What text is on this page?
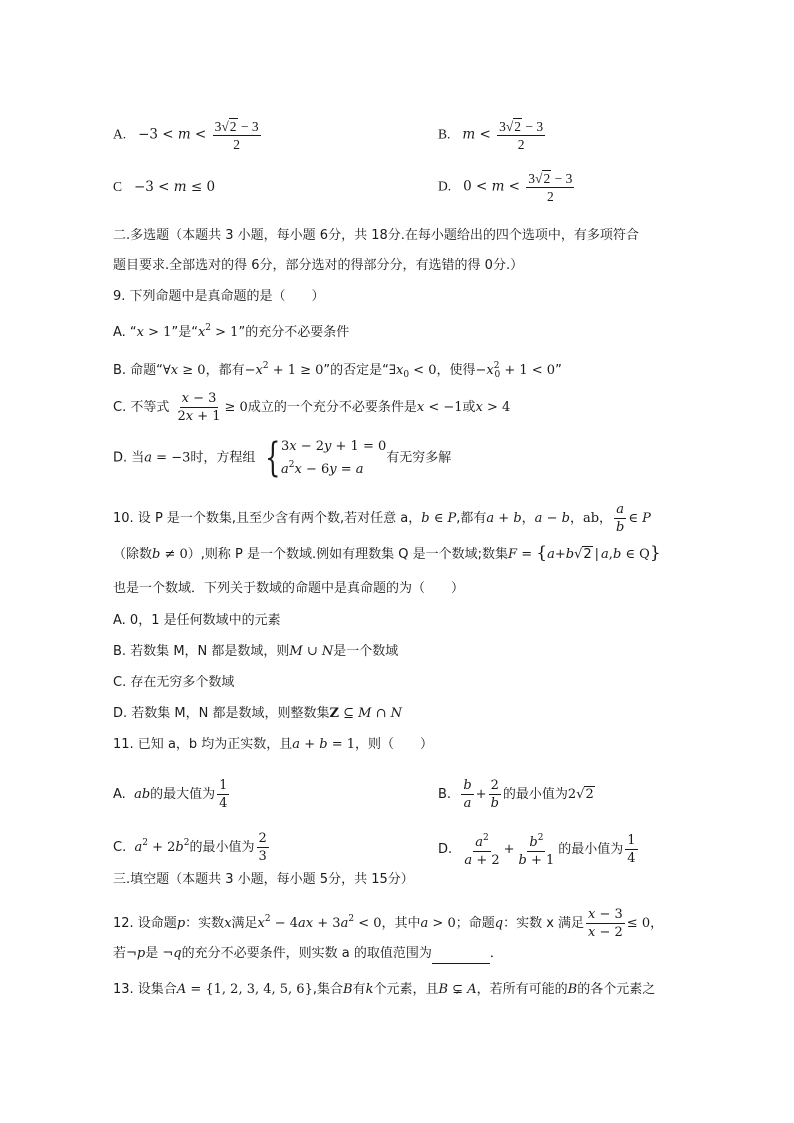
A.   $-3 < m < \frac{3√2 - 3}{2}$	B.   $m < \frac{3√2 - 3}{2}$
C   −3 < m ≤ 0	D.   $0 < m < \frac{3√2 - 3}{2}$
二.多选题（本题共 3 小题，每小题 6分，共 18分.在每小题给出的四个选项中，有多项符合
题目要求.全部选对的得 6分，部分选对的得部分分，有选错的得 0分.）
9. 下列命题中是真命题的是（　　）
A. “x > 1”是“$x^2 > 1$”的充分不必要条件
B. 命题“∀x ≥ 0，都有$-x^2 + 1 \ge 0$”的否定是“$\exists x_0 < 0$，使得$-x^2_0 + 1 < 0$”
C. 不等式 $\frac{x - 3}{2x + 1} \ge 0$成立的一个充分不必要条件是x < −1或x > 4
D. 当a = −3时，方程组 { 3x − 2y + 1 = 0
$a^2x - 6y = a$
有无穷多解
10. 设 P 是一个数集,且至少含有两个数,若对任意 a，b ∈ P,都有a + b，a − b，ab， $\frac{a}{b}$ ∈ P
（除数b ≠ 0）,则称 P 是一个数域.例如有理数集 Q 是一个数域;数集F = {a+b√2 | a,b ∈ Q}
也是一个数域．下列关于数域的命题中是真命题的为（　　）
A. 0，1 是任何数域中的元素
B. 若数集 M，N 都是数域，则M ∪ N是一个数域
C. 存在无穷多个数域
D. 若数集 M，N 都是数域，则整数集Z ⊆ M ∩ N
11. 已知 a，b 均为正实数，且a + b = 1，则（　　）
A. ab的最大值为 $\frac{1}{4}$	B. $\frac{b}{a} + \frac{2}{b}$ 的最小值为2√2
C. $a^2 + 2b^2$的最小值为 $\frac{2}{3}$	D. $\frac{a^2}{a + 2} + \frac{b^2}{b + 1}$ 的最小值为 $\frac{1}{4}$
三.填空题（本题共 3 小题，每小题 5分，共 15分）
12. 设命题p：实数x满足$x^2 - 4ax + 3a^2 < 0$，其中a > 0；命题q：实数 x 满足 $\frac{x - 3}{x - 2} \le 0$，
若¬p是 ¬q的充分不必要条件，则实数 a 的取值范围为	．
13. 设集合A = {1, 2, 3, 4, 5, 6},集合B有k个元素，且B ⊊ A，若所有可能的B的各个元素之
